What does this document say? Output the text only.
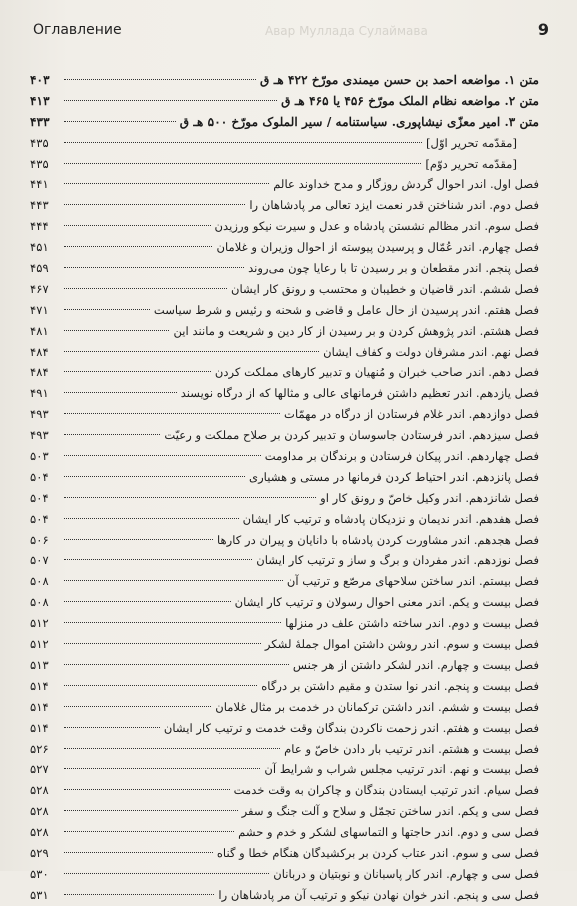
Оглавление	Авар Муллада Сулаймава	9
متن ۱. مواضعه احمد بن حسن میمندی مورّخ ۴۲۲ هـ ق
۴۰۳
متن ۲. مواضعه نظام الملک مورّخ ۴۵۶ یا ۴۶۵ هـ ق
۴۱۳
متن ۳. امیر معزّی نیشاپوری. سیاستنامه / سیر الملوک مورّخ ۵۰۰ هـ ق
۴۳۳
[مقدّمه تحریر اوّل]
۴۳۵
[مقدّمه تحریر دوّم]
۴۳۵
فصل اول. اندر احوال گردش روزگار و مدح خداوند عالم
۴۴۱
فصل دوم. اندر شناختن قدر نعمت ایزد تعالی مر پادشاهان را
۴۴۳
فصل سوم. اندر مظالم نشستن پادشاه و عدل و سیرت نیکو ورزیدن
۴۴۴
فصل چهارم. اندر عُمّال و پرسیدن پیوسته از احوال وزیران و غلامان
۴۵۱
فصل پنجم. اندر مقطعان و بر رسیدن تا با رعایا چون می‌روند
۴۵۹
فصل ششم. اندر قاضیان و خطیبان و محتسب و رونق کار ایشان
۴۶۷
فصل هفتم. اندر پرسیدن از حال عامل و قاضی و شحنه و رئیس و شرط سیاست
۴۷۱
فصل هشتم. اندر پژوهش کردن و بر رسیدن از کار دین و شریعت و مانند این
۴۸۱
فصل نهم. اندر مشرفان دولت و کفاف ایشان
۴۸۴
فصل دهم. اندر صاحب خبران و مُنهیان و تدبیر کارهای مملکت کردن
۴۸۴
فصل یازدهم. اندر تعظیم داشتن فرمانهای عالی و مثالها که از درگاه نویسند
۴۹۱
فصل دوازدهم. اندر غلام فرستادن از درگاه در مهمّات
۴۹۳
فصل سیزدهم. اندر فرستادن جاسوسان و تدبیر کردن بر صلاح مملکت و رعیّت
۴۹۳
فصل چهاردهم. اندر پیکان فرستادن و برندگان بر مداومت
۵۰۳
فصل پانزدهم. اندر احتیاط کردن فرمانها در مستی و هشیاری
۵۰۴
فصل شانزدهم. اندر وکیل خاصّ و رونق کار او
۵۰۴
فصل هفدهم. اندر ندیمان و نزدیکان پادشاه و ترتیب کار ایشان
۵۰۴
فصل هجدهم. اندر مشاورت کردن پادشاه با دانایان و پیران در کارها
۵۰۶
فصل نوزدهم. اندر مفردان و برگ و ساز و ترتیب کار ایشان
۵۰۷
فصل بیستم. اندر ساختن سلاحهای مرصّع و ترتیب آن
۵۰۸
فصل بیست و یکم. اندر معنی احوال رسولان و ترتیب کار ایشان
۵۰۸
فصل بیست و دوم. اندر ساخته داشتن علف در منزلها
۵۱۲
فصل بیست و سوم. اندر روشن داشتن اموال جملهٔ لشکر
۵۱۲
فصل بیست و چهارم. اندر لشکر داشتن از هر جنس
۵۱۳
فصل بیست و پنجم. اندر نوا ستدن و مقیم داشتن بر درگاه
۵۱۴
فصل بیست و ششم. اندر داشتن ترکمانان در خدمت بر مثال غلامان
۵۱۴
فصل بیست و هفتم. اندر زحمت ناکردن بندگان وقت خدمت و ترتیب کار ایشان
۵۱۴
فصل بیست و هشتم. اندر ترتیب بار دادن خاصّ و عام
۵۲۶
فصل بیست و نهم. اندر ترتیب مجلس شراب و شرایط آن
۵۲۷
فصل سیام. اندر ترتیب ایستادن بندگان و چاکران به وقت خدمت
۵۲۸
فصل سی و یکم. اندر ساختن تجمّل و سلاح و آلت جنگ و سفر
۵۲۸
فصل سی و دوم. اندر حاجتها و التماسهای لشکر و خدم و حشم
۵۲۸
فصل سی و سوم. اندر عتاب کردن بر برکشیدگان هنگام خطا و گناه
۵۲۹
فصل سی و چهارم. اندر کار پاسبانان و نوبتیان و دربانان
۵۳۰
فصل سی و پنجم. اندر خوان نهادن نیکو و ترتیب آن مر پادشاهان را
۵۳۱
